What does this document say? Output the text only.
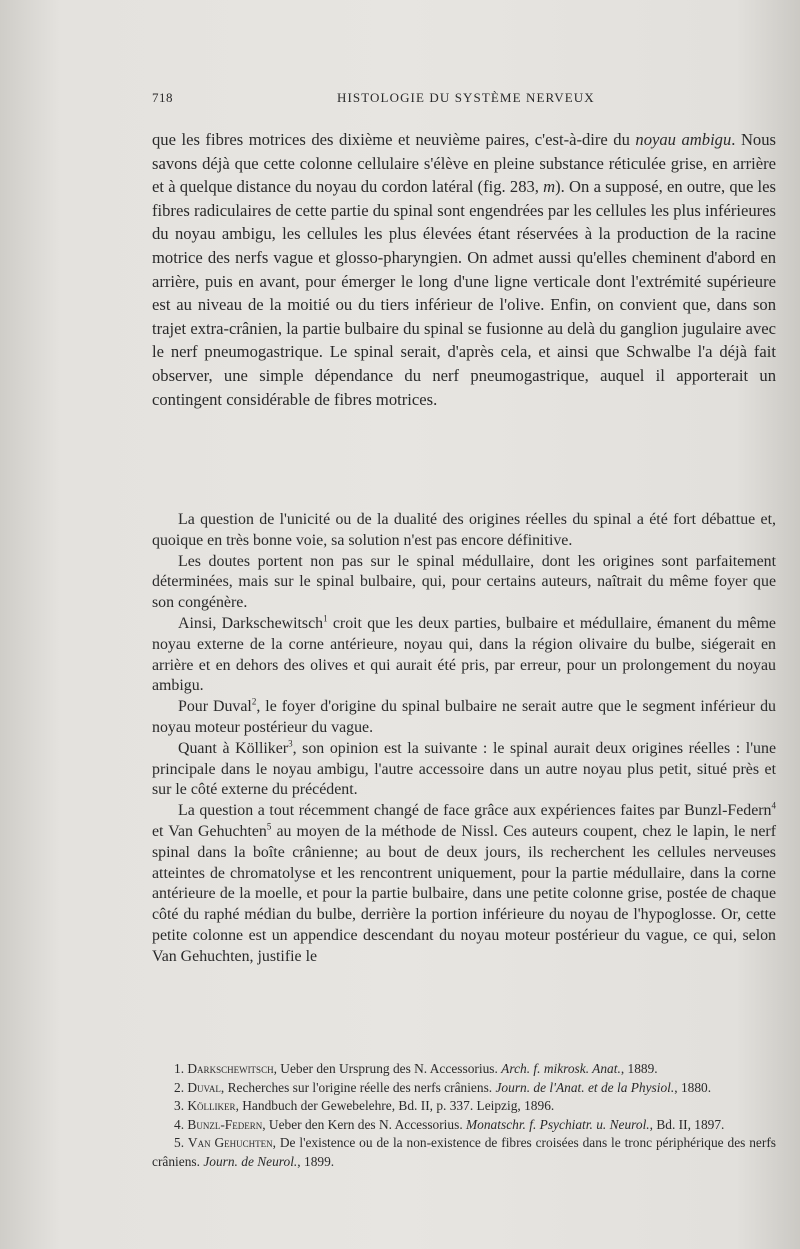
718	HISTOLOGIE DU SYSTÈME NERVEUX

que les fibres motrices des dixième et neuvième paires, c'est-à-dire du noyau ambigu. Nous savons déjà que cette colonne cellulaire s'élève en pleine substance réticulée grise, en arrière et à quelque distance du noyau du cordon latéral (fig. 283, m). On a supposé, en outre, que les fibres radiculaires de cette partie du spinal sont engendrées par les cellules les plus inférieures du noyau ambigu, les cellules les plus élevées étant réservées à la production de la racine motrice des nerfs vague et glosso-pharyngien. On admet aussi qu'elles cheminent d'abord en arrière, puis en avant, pour émerger le long d'une ligne verticale dont l'extrémité supérieure est au niveau de la moitié ou du tiers inférieur de l'olive. Enfin, on convient que, dans son trajet extra-crânien, la partie bulbaire du spinal se fusionne au delà du ganglion jugulaire avec le nerf pneumogastrique. Le spinal serait, d'après cela, et ainsi que Schwalbe l'a déjà fait observer, une simple dépendance du nerf pneumogastrique, auquel il apporterait un contingent considérable de fibres motrices.

La question de l'unicité ou de la dualité des origines réelles du spinal a été fort débattue et, quoique en très bonne voie, sa solution n'est pas encore définitive.

Les doutes portent non pas sur le spinal médullaire, dont les origines sont parfaitement déterminées, mais sur le spinal bulbaire, qui, pour certains auteurs, naîtrait du même foyer que son congénère.

Ainsi, Darkschewitsch$^1$ croit que les deux parties, bulbaire et médullaire, émanent du même noyau externe de la corne antérieure, noyau qui, dans la région olivaire du bulbe, siégerait en arrière et en dehors des olives et qui aurait été pris, par erreur, pour un prolongement du noyau ambigu.

Pour Duval$^2$, le foyer d'origine du spinal bulbaire ne serait autre que le segment inférieur du noyau moteur postérieur du vague.

Quant à Kölliker$^3$, son opinion est la suivante : le spinal aurait deux origines réelles : l'une principale dans le noyau ambigu, l'autre accessoire dans un autre noyau plus petit, situé près et sur le côté externe du précédent.

La question a tout récemment changé de face grâce aux expériences faites par Bunzl-Federn$^4$ et Van Gehuchten$^5$ au moyen de la méthode de Nissl. Ces auteurs coupent, chez le lapin, le nerf spinal dans la boîte crânienne; au bout de deux jours, ils recherchent les cellules nerveuses atteintes de chromatolyse et les rencontrent uniquement, pour la partie médullaire, dans la corne antérieure de la moelle, et pour la partie bulbaire, dans une petite colonne grise, postée de chaque côté du raphé médian du bulbe, derrière la portion inférieure du noyau de l'hypoglosse. Or, cette petite colonne est un appendice descendant du noyau moteur postérieur du vague, ce qui, selon Van Gehuchten, justifie le

1. Darkschewitsch, Ueber den Ursprung des N. Accessorius. Arch. f. mikrosk. Anat., 1889.

2. Duval, Recherches sur l'origine réelle des nerfs crâniens. Journ. de l'Anat. et de la Physiol., 1880.

3. Kölliker, Handbuch der Gewebelehre, Bd. II, p. 337. Leipzig, 1896.

4. Bunzl-Federn, Ueber den Kern des N. Accessorius. Monatschr. f. Psychiatr. u. Neurol., Bd. II, 1897.

5. Van Gehuchten, De l'existence ou de la non-existence de fibres croisées dans le tronc périphérique des nerfs crâniens. Journ. de Neurol., 1899.
